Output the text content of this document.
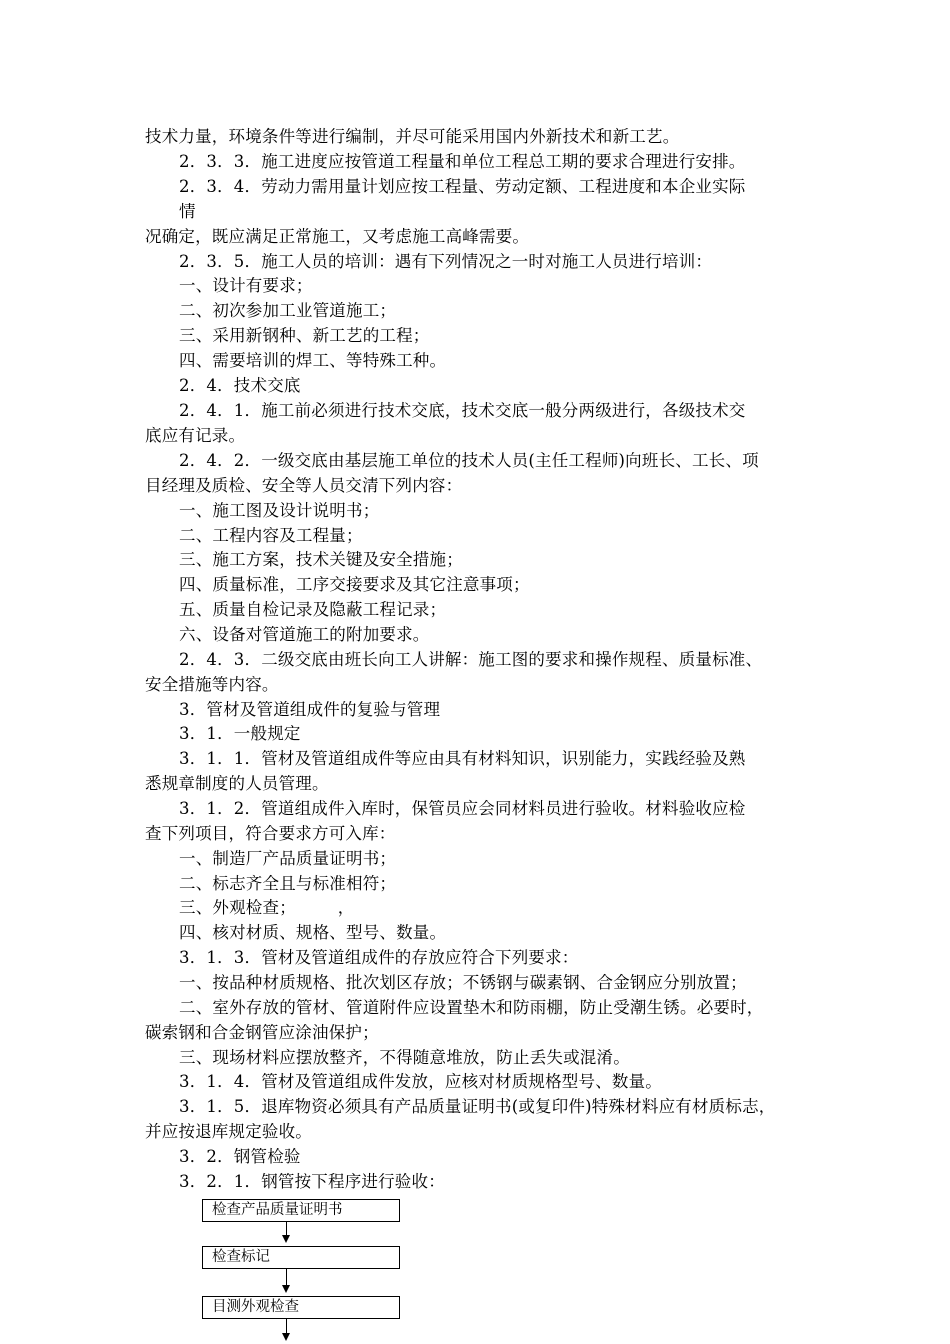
技术力量，环境条件等进行编制，并尽可能采用国内外新技术和新工艺。
2．3．3．施工进度应按管道工程量和单位工程总工期的要求合理进行安排。
2．3．4．劳动力需用量计划应按工程量、劳动定额、工程进度和本企业实际
情
况确定，既应满足正常施工，又考虑施工高峰需要。
2．3．5．施工人员的培训：遇有下列情况之一时对施工人员进行培训：
一、设计有要求；
二、初次参加工业管道施工；
三、采用新钢种、新工艺的工程；
四、需要培训的焊工、等特殊工种。
2．4．技术交底
2．4．1．施工前必须进行技术交底，技术交底一般分两级进行，各级技术交
底应有记录。
2．4．2．一级交底由基层施工单位的技术人员(主任工程师)向班长、工长、项
目经理及质检、安全等人员交清下列内容：
一、施工图及设计说明书；
二、工程内容及工程量；
三、施工方案，技术关键及安全措施；
四、质量标准，工序交接要求及其它注意事项；
五、质量自检记录及隐蔽工程记录；
六、设备对管道施工的附加要求。
2．4．3．二级交底由班长向工人讲解：施工图的要求和操作规程、质量标准、
安全措施等内容。
3．管材及管道组成件的复验与管理
3．1．一般规定
3．1．1．管材及管道组成件等应由具有材料知识，识别能力，实践经验及熟
悉规章制度的人员管理。
3．1．2．管道组成件入库时，保管员应会同材料员进行验收。材料验收应检
查下列项目，符合要求方可入库：
一、制造厂产品质量证明书；
二、标志齐全且与标准相符；
三、外观检查；　　　，
四、核对材质、规格、型号、数量。
3．1．3．管材及管道组成件的存放应符合下列要求：
一、按品种材质规格、批次划区存放；不锈钢与碳素钢、合金钢应分别放置；
二、室外存放的管材、管道附件应设置垫木和防雨棚，防止受潮生锈。必要时，
碳索钢和合金钢管应涂油保护；
三、现场材料应摆放整齐，不得随意堆放，防止丢失或混淆。
3．1．4．管材及管道组成件发放，应核对材质规格型号、数量。
3．1．5．退库物资必须具有产品质量证明书(或复印件)特殊材料应有材质标志，
并应按退库规定验收。
3．2．钢管检验
3．2．1．钢管按下程序进行验收：
检查产品质量证明书
检查标记
目测外观检查
